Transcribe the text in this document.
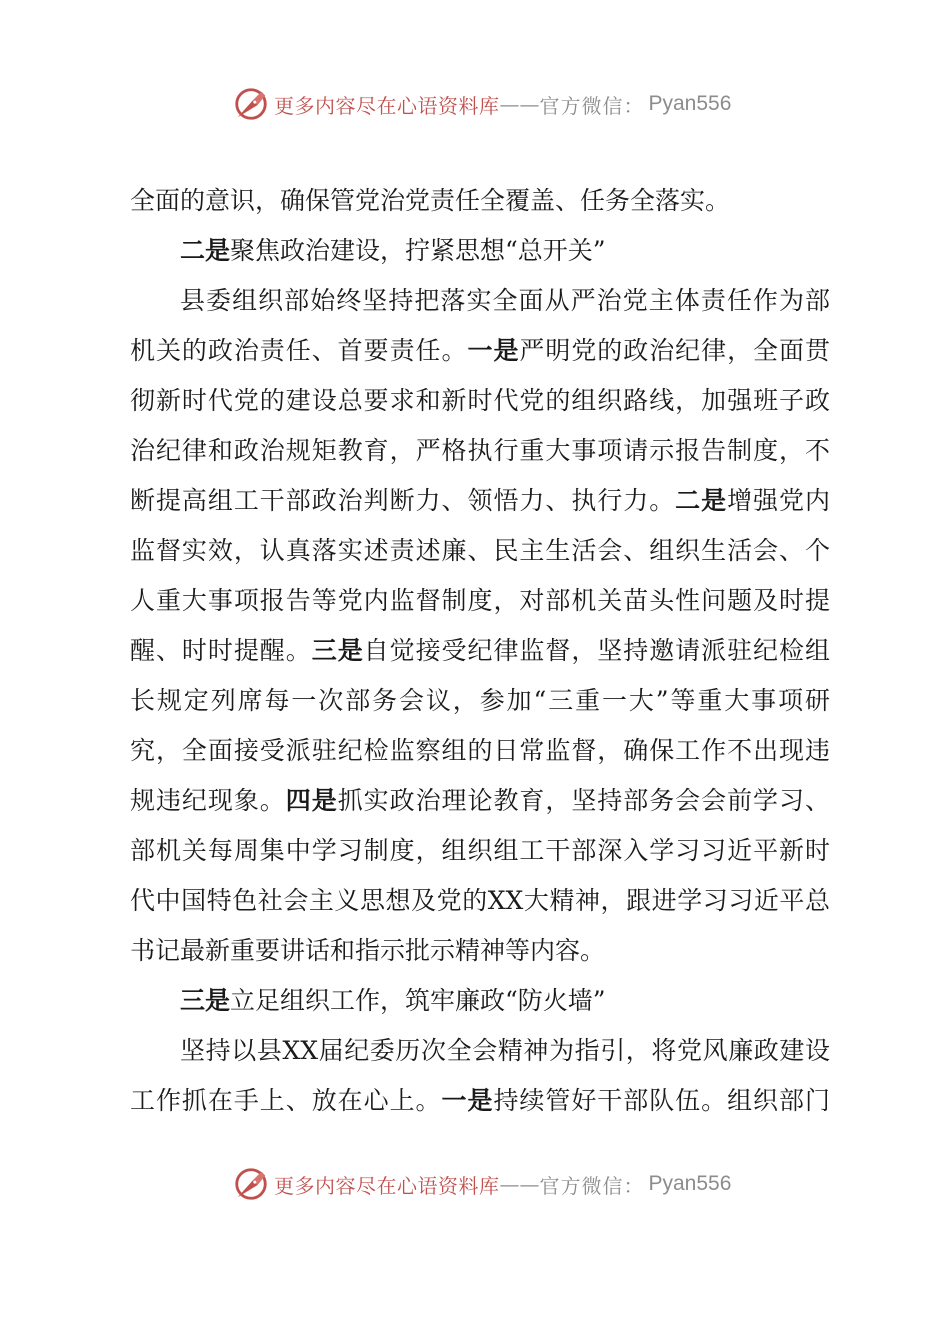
更多内容尽在心语资料库 —— 官方微信： Pyan556
全面的意识，确保管党治党责任全覆盖、任务全落实。
二是聚焦政治建设，拧紧思想“总开关”
县委组织部始终坚持把落实全面从严治党主体责任作为部
机关的政治责任、首要责任。一是严明党的政治纪律，全面贯
彻新时代党的建设总要求和新时代党的组织路线，加强班子政
治纪律和政治规矩教育，严格执行重大事项请示报告制度，不
断提高组工干部政治判断力、领悟力、执行力。二是增强党内
监督实效，认真落实述责述廉、民主生活会、组织生活会、个
人重大事项报告等党内监督制度，对部机关苗头性问题及时提
醒、时时提醒。三是自觉接受纪律监督，坚持邀请派驻纪检组
长规定列席每一次部务会议，参加“三重一大”等重大事项研
究，全面接受派驻纪检监察组的日常监督，确保工作不出现违
规违纪现象。四是抓实政治理论教育，坚持部务会会前学习、
部机关每周集中学习制度，组织组工干部深入学习习近平新时
代中国特色社会主义思想及党的XX大精神，跟进学习习近平总
书记最新重要讲话和指示批示精神等内容。
三是立足组织工作，筑牢廉政“防火墙”
坚持以县XX届纪委历次全会精神为指引，将党风廉政建设
工作抓在手上、放在心上。一是持续管好干部队伍。组织部门
更多内容尽在心语资料库 —— 官方微信： Pyan556
